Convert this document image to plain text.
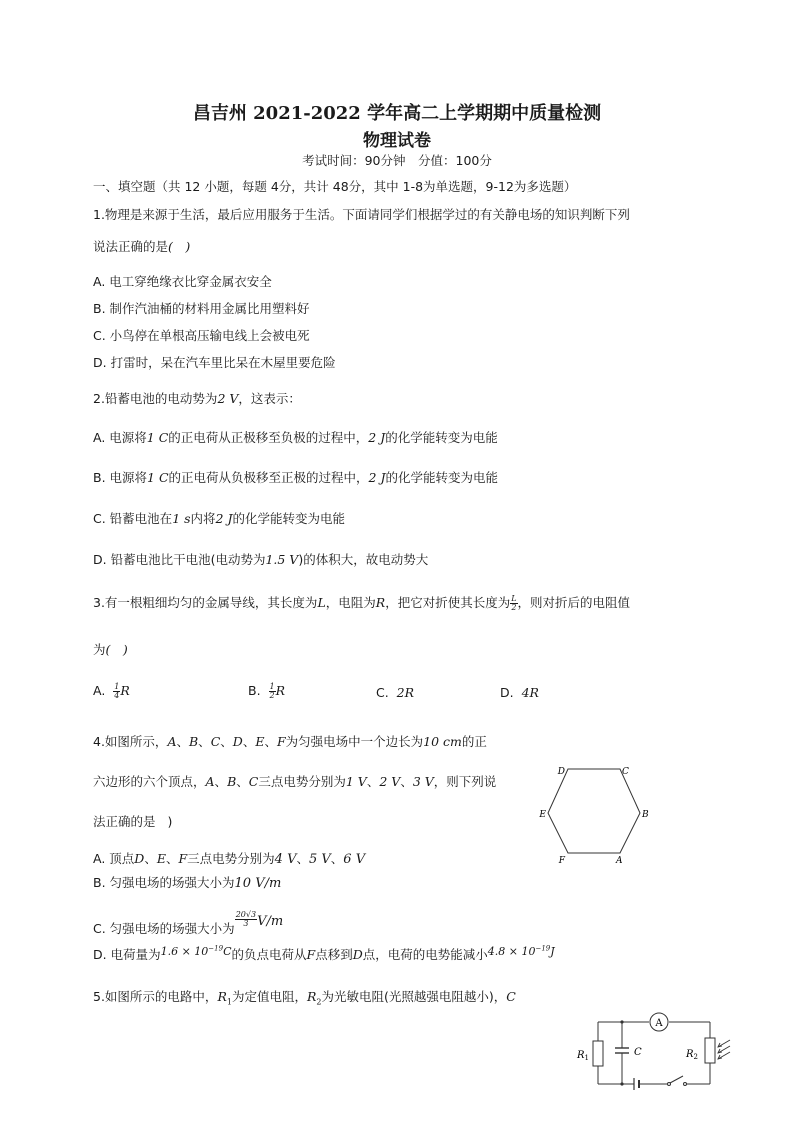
昌吉州 2021-2022 学年高二上学期期中质量检测
物理试卷
考试时间：90分钟　分值：100分
一、填空题（共 12 小题，每题 4分，共计 48分，其中 1-8为单选题，9-12为多选题）
1.物理是来源于生活，最后应用服务于生活。下面请同学们根据学过的有关静电场的知识判断下列
说法正确的是(　)
A. 电工穿绝缘衣比穿金属衣安全
B. 制作汽油桶的材料用金属比用塑料好
C. 小鸟停在单根高压输电线上会被电死
D. 打雷时，呆在汽车里比呆在木屋里要危险
2.铅蓄电池的电动势为2 V，这表示：
A. 电源将1 C的正电荷从正极移至负极的过程中，2 J的化学能转变为电能
B. 电源将1 C的正电荷从负极移至正极的过程中，2 J的化学能转变为电能
C. 铅蓄电池在1 s内将2 J的化学能转变为电能
D. 铅蓄电池比干电池(电动势为1.5 V)的体积大，故电动势大
3.有一根粗细均匀的金属导线，其长度为L，电阻为R，把它对折使其长度为 $\frac{L}{2}$ ，则对折后的电阻值
为(　)
A. $\frac{1}{4}$ R	B. $\frac{1}{2}$ R	C. 2R	D. 4R
4.如图所示，A、B、C、D、E、F为匀强电场中一个边长为10 cm的正
六边形的六个顶点，A、B、C三点电势分别为1 V、2 V、3 V，则下列说
法正确的是 )
D	C
B
E
A
F
A. 顶点D、E、F三点电势分别为4 V、5 V、6 V
B. 匀强电场的场强大小为10 V/m
C. 匀强电场的场强大小为
$\frac{20√3}{3} V/m$
D. 电荷量为$1.6 \times 10^{-19}C$的负点电荷从F点移到D点，电荷的电势能减小$4.8 \times 10^{-19}J$
5.如图所示的电路中，$R_1$为定值电阻，$R_2$为光敏电阻(光照越强电阻越小)，C
A
$R_1$	C	$R_2$
